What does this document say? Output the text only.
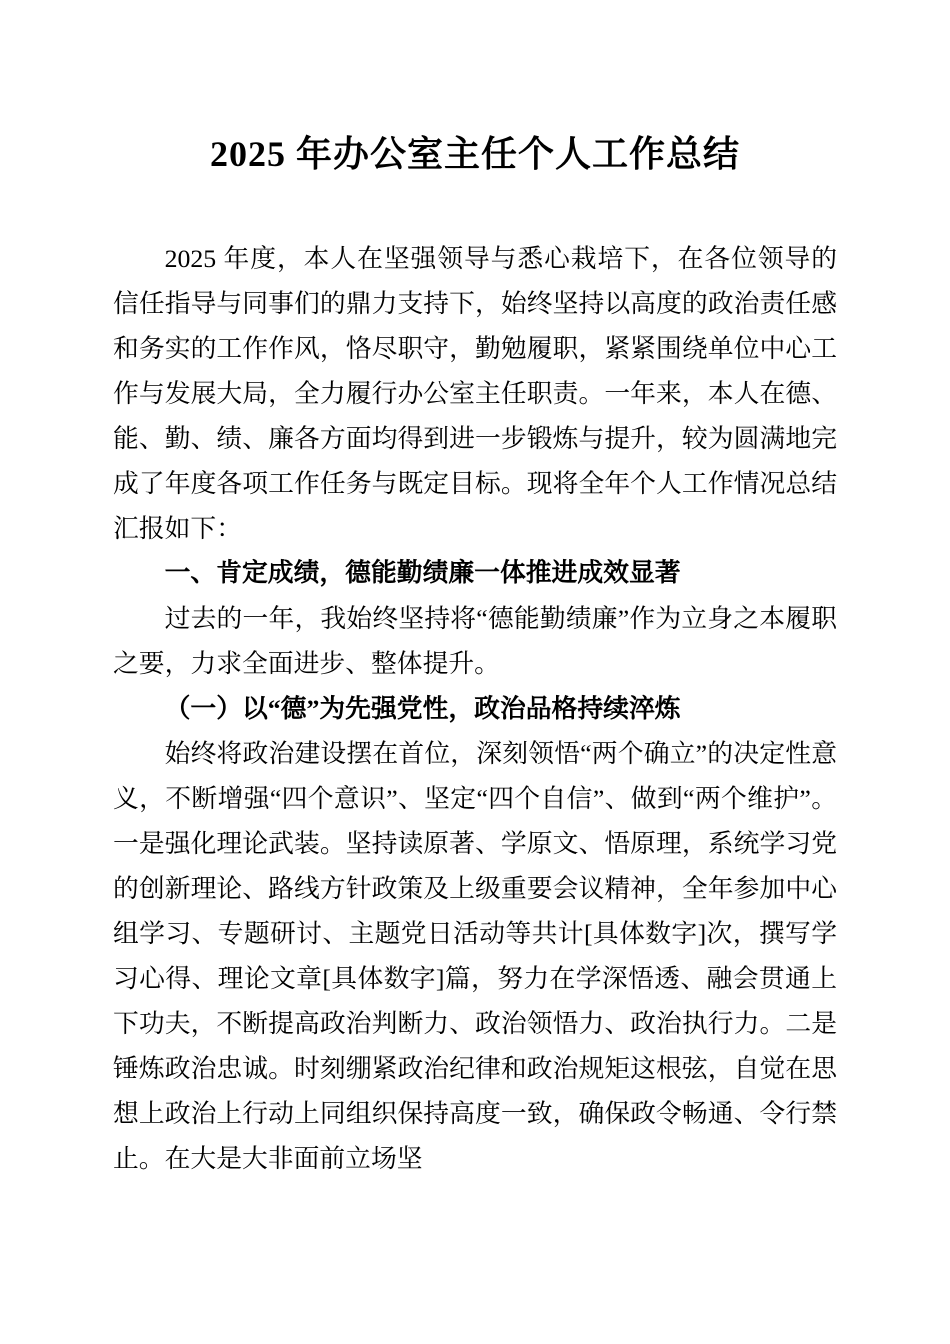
2025 年办公室主任个人工作总结

2025 年度，本人在坚强领导与悉心栽培下，在各位领导的信任指导与同事们的鼎力支持下，始终坚持以高度的政治责任感和务实的工作作风，恪尽职守，勤勉履职，紧紧围绕单位中心工作与发展大局，全力履行办公室主任职责。一年来，本人在德、能、勤、绩、廉各方面均得到进一步锻炼与提升，较为圆满地完成了年度各项工作任务与既定目标。现将全年个人工作情况总结汇报如下：

一、肯定成绩，德能勤绩廉一体推进成效显著

过去的一年，我始终坚持将“德能勤绩廉”作为立身之本履职之要，力求全面进步、整体提升。

（一）以“德”为先强党性，政治品格持续淬炼

始终将政治建设摆在首位，深刻领悟“两个确立”的决定性意义，不断增强“四个意识”、坚定“四个自信”、做到“两个维护”。一是强化理论武装。坚持读原著、学原文、悟原理，系统学习党的创新理论、路线方针政策及上级重要会议精神，全年参加中心组学习、专题研讨、主题党日活动等共计[具体数字]次，撰写学习心得、理论文章[具体数字]篇，努力在学深悟透、融会贯通上下功夫，不断提高政治判断力、政治领悟力、政治执行力。二是锤炼政治忠诚。时刻绷紧政治纪律和政治规矩这根弦，自觉在思想上政治上行动上同组织保持高度一致，确保政令畅通、令行禁止。在大是大非面前立场坚
